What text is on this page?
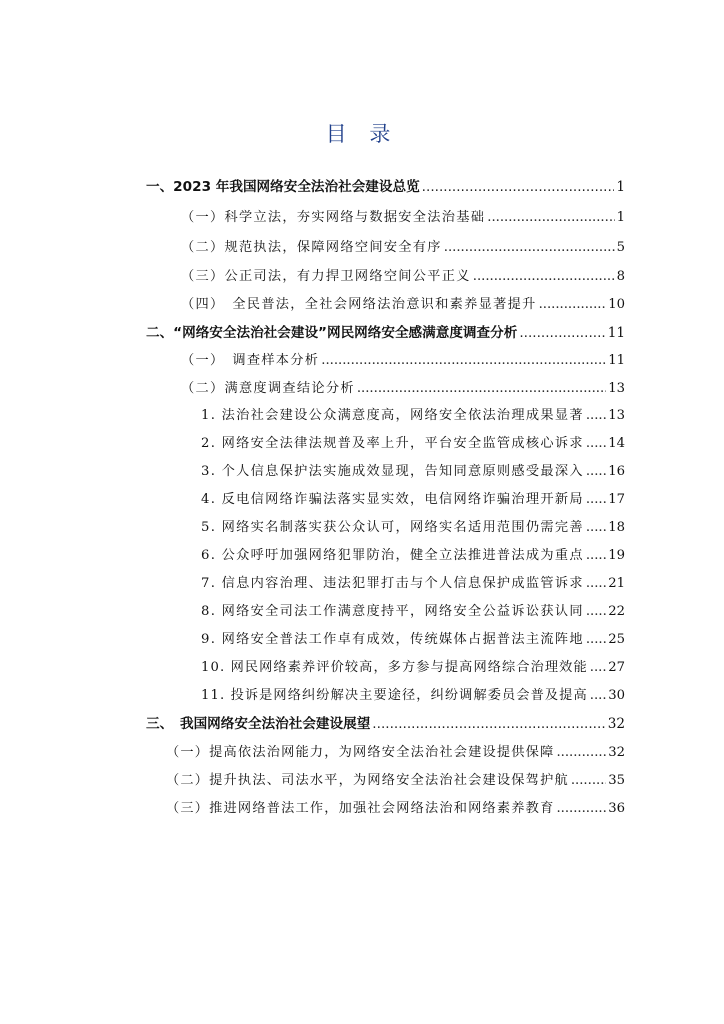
目 录
一、2023 年我国网络安全法治社会建设总览 .....	1
（一）科学立法，夯实网络与数据安全法治基础 .....	1
（二）规范执法，保障网络空间安全有序 .....	5
（三）公正司法，有力捍卫网络空间公平正义 .....	8
（四）　全民普法，全社会网络法治意识和素养显著提升 .....	10
二、“网络安全法治社会建设”网民网络安全感满意度调查分析 .....	11
（一）　调查样本分析 .....	11
（二）满意度调查结论分析 .....	13
1. 法治社会建设公众满意度高，网络安全依法治理成果显著 ..... 13
2. 网络安全法律法规普及率上升，平台安全监管成核心诉求 ..... 14
3. 个人信息保护法实施成效显现，告知同意原则感受最深入 ..... 16
4. 反电信网络诈骗法落实显实效，电信网络诈骗治理开新局 ..... 17
5. 网络实名制落实获公众认可，网络实名适用范围仍需完善 ..... 18
6. 公众呼吁加强网络犯罪防治，健全立法推进普法成为重点 ..... 19
7. 信息内容治理、违法犯罪打击与个人信息保护成监管诉求 ..... 21
8. 网络安全司法工作满意度持平，网络安全公益诉讼获认同 ..... 22
9. 网络安全普法工作卓有成效，传统媒体占据普法主流阵地 ..... 25
10. 网民网络素养评价较高，多方参与提高网络综合治理效能 ..... 27
11. 投诉是网络纠纷解决主要途径，纠纷调解委员会普及提高 ..... 30
三、　我国网络安全法治社会建设展望 .....	32
（一）提高依法治网能力，为网络安全法治社会建设提供保障 .....	32
（二）提升执法、司法水平，为网络安全法治社会建设保驾护航 .....	35
（三）推进网络普法工作，加强社会网络法治和网络素养教育 .....	36
